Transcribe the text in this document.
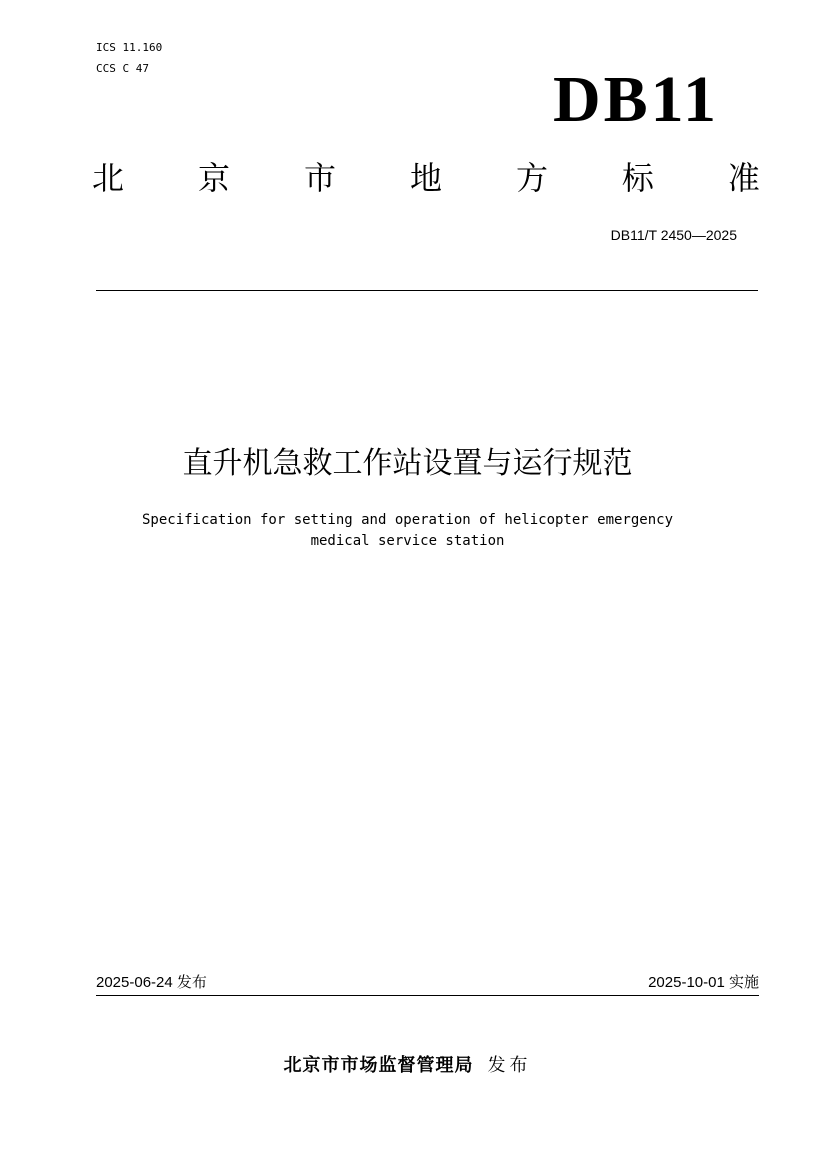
ICS 11.160
CCS C 47	DB11
北 京 市 地 方 标 准
DB11/T 2450—2025
直升机急救工作站设置与运行规范
Specification for setting and operation of helicopter emergency
medical service station
2025-06-24 发布	2025-10-01 实施
北京市市场监督管理局 发布
